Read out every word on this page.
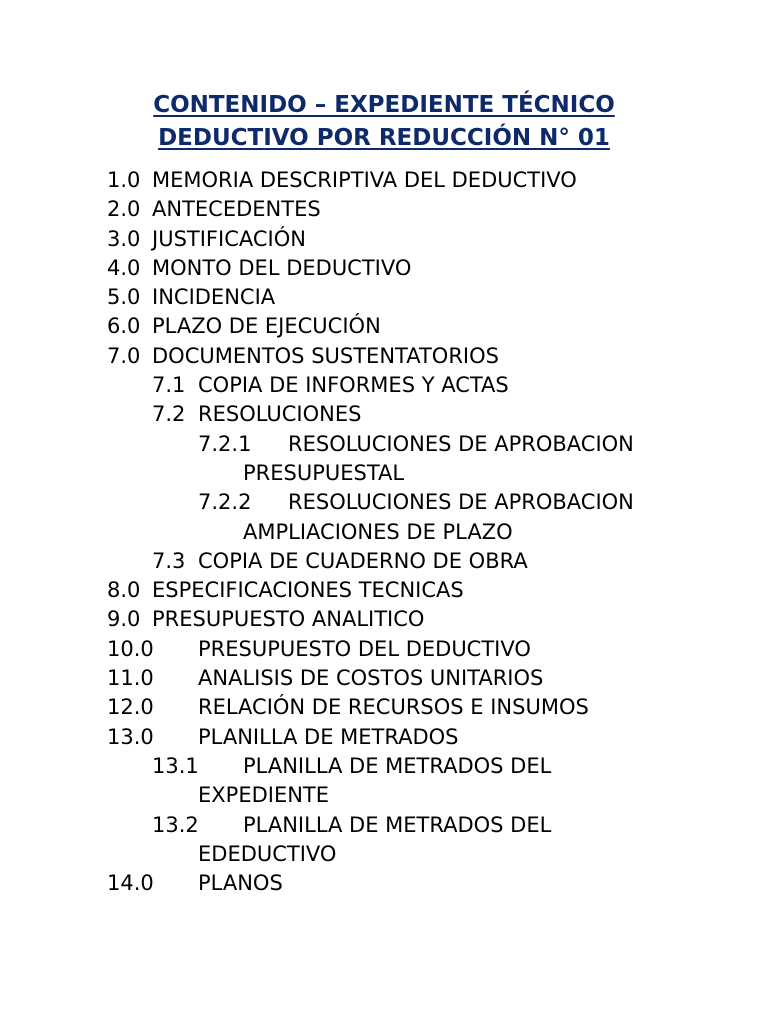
CONTENIDO – EXPEDIENTE TÉCNICO
DEDUCTIVO POR REDUCCIÓN N° 01
1.0 MEMORIA DESCRIPTIVA DEL DEDUCTIVO
2.0 ANTECEDENTES
3.0 JUSTIFICACIÓN
4.0 MONTO DEL DEDUCTIVO
5.0 INCIDENCIA
6.0 PLAZO DE EJECUCIÓN
7.0 DOCUMENTOS SUSTENTATORIOS
7.1 COPIA DE INFORMES Y ACTAS
7.2 RESOLUCIONES
7.2.1 RESOLUCIONES DE APROBACION
PRESUPUESTAL
7.2.2 RESOLUCIONES DE APROBACION
AMPLIACIONES DE PLAZO
7.3 COPIA DE CUADERNO DE OBRA
8.0 ESPECIFICACIONES TECNICAS
9.0 PRESUPUESTO ANALITICO
10.0 PRESUPUESTO DEL DEDUCTIVO
11.0 ANALISIS DE COSTOS UNITARIOS
12.0 RELACIÓN DE RECURSOS E INSUMOS
13.0 PLANILLA DE METRADOS
13.1 PLANILLA DE METRADOS DEL
EXPEDIENTE
13.2 PLANILLA DE METRADOS DEL
EDEDUCTIVO
14.0 PLANOS
